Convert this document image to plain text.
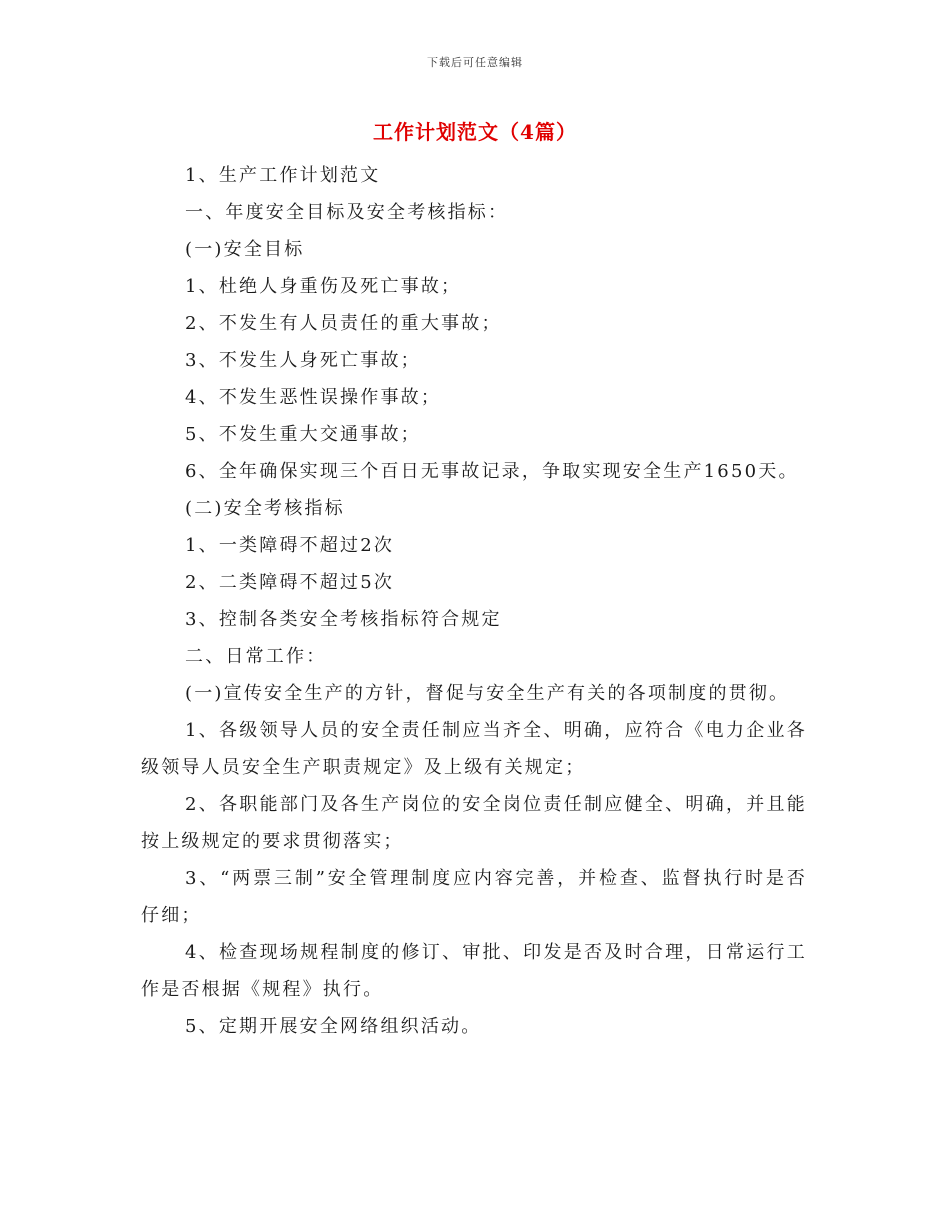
下载后可任意编辑
工作计划范文（4篇）

1、生产工作计划范文

一、年度安全目标及安全考核指标：

(一)安全目标

1、杜绝人身重伤及死亡事故；

2、不发生有人员责任的重大事故；

3、不发生人身死亡事故；

4、不发生恶性误操作事故；

5、不发生重大交通事故；

6、全年确保实现三个百日无事故记录，争取实现安全生产1650天。

(二)安全考核指标

1、一类障碍不超过2次

2、二类障碍不超过5次

3、控制各类安全考核指标符合规定

二、日常工作：

(一)宣传安全生产的方针，督促与安全生产有关的各项制度的贯彻。

1、各级领导人员的安全责任制应当齐全、明确，应符合《电力企业各级领导人员安全生产职责规定》及上级有关规定；

2、各职能部门及各生产岗位的安全岗位责任制应健全、明确，并且能按上级规定的要求贯彻落实；

3、“两票三制”安全管理制度应内容完善，并检查、监督执行时是否仔细；

4、检查现场规程制度的修订、审批、印发是否及时合理，日常运行工作是否根据《规程》执行。

5、定期开展安全网络组织活动。
